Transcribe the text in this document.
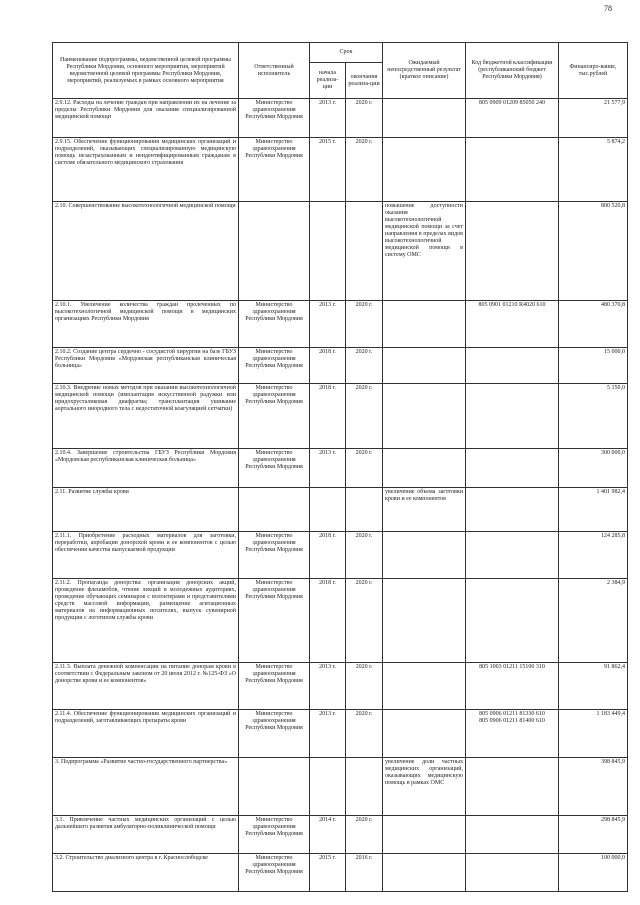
78
Наименование подпрограммы, ведомственной целевой программы Республики Мордовия, основного мероприятия, мероприятий ведомственной целевой программы Республики Мордовия, мероприятий, реализуемых в рамках основного мероприятия	Ответственный исполнитель	Срок		Ожидаемый непосредственный результат (краткое описание)	Код бюджетной классификации (республиканский бюджет Республики Мордовия)	Финансиро-вание, тыс.рублей
		начала реализа-ции	окончания реализа-ции			
2.9.12. Расходы на лечение граждан при направлении их на лечение за пределы Республики Мордовия для оказания специализированной медицинской помощи	Министерство здравоохранения Республики Мордовия	2013 г.	2020 г.		805 0909 01209 85050 240	21 577,9
2.9.15. Обеспечение функционирования медицинских организаций и подразделений, оказывающих специализированную медицинскую помощь незастрахованным и неидентифицированным гражданам в системе обязательного медицинского страхования	Министерство здравоохранения Республики Мордовия	2015 г.	2020 г.			5 874,2
2.10. Совершенствование высокотехнологичной медицинской помощи				повышение доступности оказания высокотехнологичной медицинской помощи за счет направления в пределах видов высокотехнологичной медицинской помощи в систему ОМС		800 520,8
2.10.1. Увеличение количества граждан пролеченных по высокотехнологичной медицинской помощи в медицинских организациях Республики Мордовия	Министерство здравоохранения Республики Мордовия	2013 г.	2020 г.		805 0901 01210 R4020 610	480 370,8
2.10.2. Создание центра сердечно - сосудистой хирургии на базе ГБУЗ Республики Мордовия «Мордовская республиканская клиническая больница»	Министерство здравоохранения Республики Мордовия	2018 г.	2020 г.			15 000,0
2.10.3. Внедрение новых методов при оказании высокотехнологичной медицинской помощи (имплантация искусственной радужки или иридохрусталиковая диафрагма; трансплантация ушивание аортального инородного тела с недостаточной коагуляцией сетчатки)	Министерство здравоохранения Республики Мордовия	2018 г.	2020 г.			5 150,0
2.10.4. Завершение строительства ГБУЗ Республики Мордовия «Мордовская республиканская клиническая больница»	Министерство здравоохранения Республики Мордовия	2013 г.	2020 г.			300 000,0
2.11. Развитие службы крови				увеличение объема заготовки крови и ее компонентов		1 401 982,4
2.11.1. Приобретение расходных материалов для заготовки, переработки, апробации донорской крови и ее компонентов с целью обеспечения качества выпускаемой продукции	Министерство здравоохранения Республики Мордовия	2018 г.	2020 г.			124 285,8
2.11.2. Пропаганда донорства: организация донорских акций, проведение флешмобов, чтение лекций в молодежных аудиториях, проведение обучающих семинаров с волонтерами и представителями средств массовой информации, размещение агитационных материалов на информационных носителях, выпуск сувенирной продукции с логотипом службы крови	Министерство здравоохранения Республики Мордовия	2018 г.	2020 г.			2 384,9
2.11.3. Выплата денежной компенсации на питание донорам крови в соответствии с Федеральным законом от 20 июля 2012 г. №125-ФЗ «О донорстве крови и ее компонентов»	Министерство здравоохранения Республики Мордовия	2013 г.	2020 г.		805 1003 01211 15100 310	91 862,4
2.11.4. Обеспечение функционирования медицинских организаций и подразделений, заготавливающих препараты крови	Министерство здравоохранения Республики Мордовия	2013 г.	2020 г.		805 0906 01211 81330 610
805 0906 01211 81400 610	1 183 449,4
3. Подпрограмма «Развитие частно-государственного партнерства»				увеличение доли частных медицинских организаций, оказывающих медицинскую помощь в рамках ОМС		398 845,9
3.1. Привлечение частных медицинских организаций с целью дальнейшего развития амбулаторно-поликлинической помощи	Министерство здравоохранения Республики Мордовия	2014 г.	2020 г.			298 845,9
3.2. Строительство диализного центра в г. Краснослободске	Министерство здравоохранения Республики Мордовия	2015 г.	2016 г.			100 000,0
